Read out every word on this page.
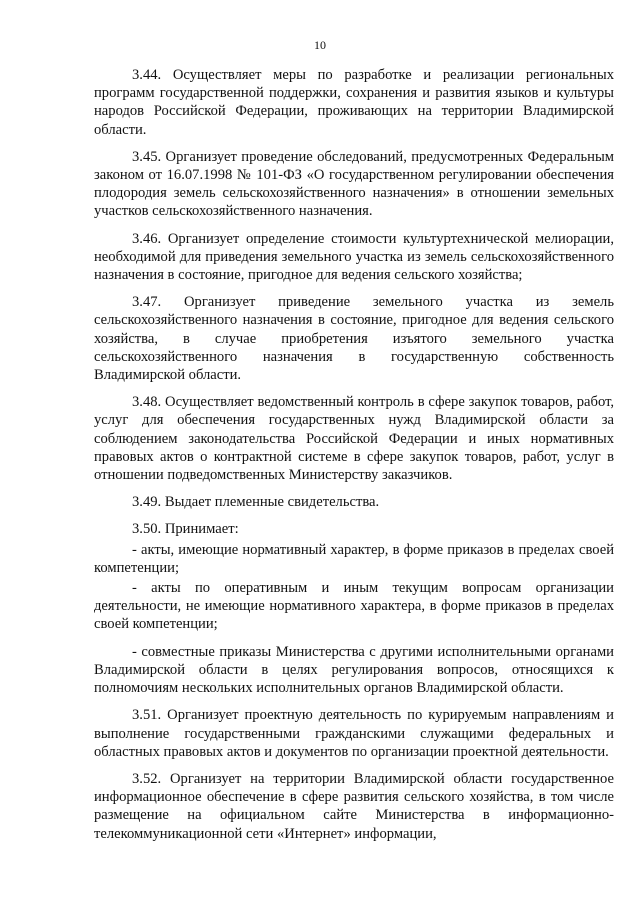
10

3.44. Осуществляет меры по разработке и реализации региональных программ государственной поддержки, сохранения и развития языков и культуры народов Российской Федерации, проживающих на территории Владимирской области.

3.45. Организует проведение обследований, предусмотренных Федеральным законом от 16.07.1998 № 101-ФЗ «О государственном регулировании обеспечения плодородия земель сельскохозяйственного назначения» в отношении земельных участков сельскохозяйственного назначения.

3.46. Организует определение стоимости культуртехнической мелиорации, необходимой для приведения земельного участка из земель сельскохозяйственного назначения в состояние, пригодное для ведения сельского хозяйства;

3.47. Организует приведение земельного участка из земель сельскохозяйственного назначения в состояние, пригодное для ведения сельского хозяйства, в случае приобретения изъятого земельного участка сельскохозяйственного назначения в государственную собственность Владимирской области.

3.48. Осуществляет ведомственный контроль в сфере закупок товаров, работ, услуг для обеспечения государственных нужд Владимирской области за соблюдением законодательства Российской Федерации и иных нормативных правовых актов о контрактной системе в сфере закупок товаров, работ, услуг в отношении подведомственных Министерству заказчиков.

3.49. Выдает племенные свидетельства.

3.50. Принимает:

- акты, имеющие нормативный характер, в форме приказов в пределах своей компетенции;

- акты по оперативным и иным текущим вопросам организации деятельности, не имеющие нормативного характера, в форме приказов в пределах своей компетенции;

- совместные приказы Министерства с другими исполнительными органами Владимирской области в целях регулирования вопросов, относящихся к полномочиям нескольких исполнительных органов Владимирской области.

3.51. Организует проектную деятельность по курируемым направлениям и выполнение государственными гражданскими служащими федеральных и областных правовых актов и документов по организации проектной деятельности.

3.52. Организует на территории Владимирской области государственное информационное обеспечение в сфере развития сельского хозяйства, в том числе размещение на официальном сайте Министерства в информационно-телекоммуникационной сети «Интернет» информации,
